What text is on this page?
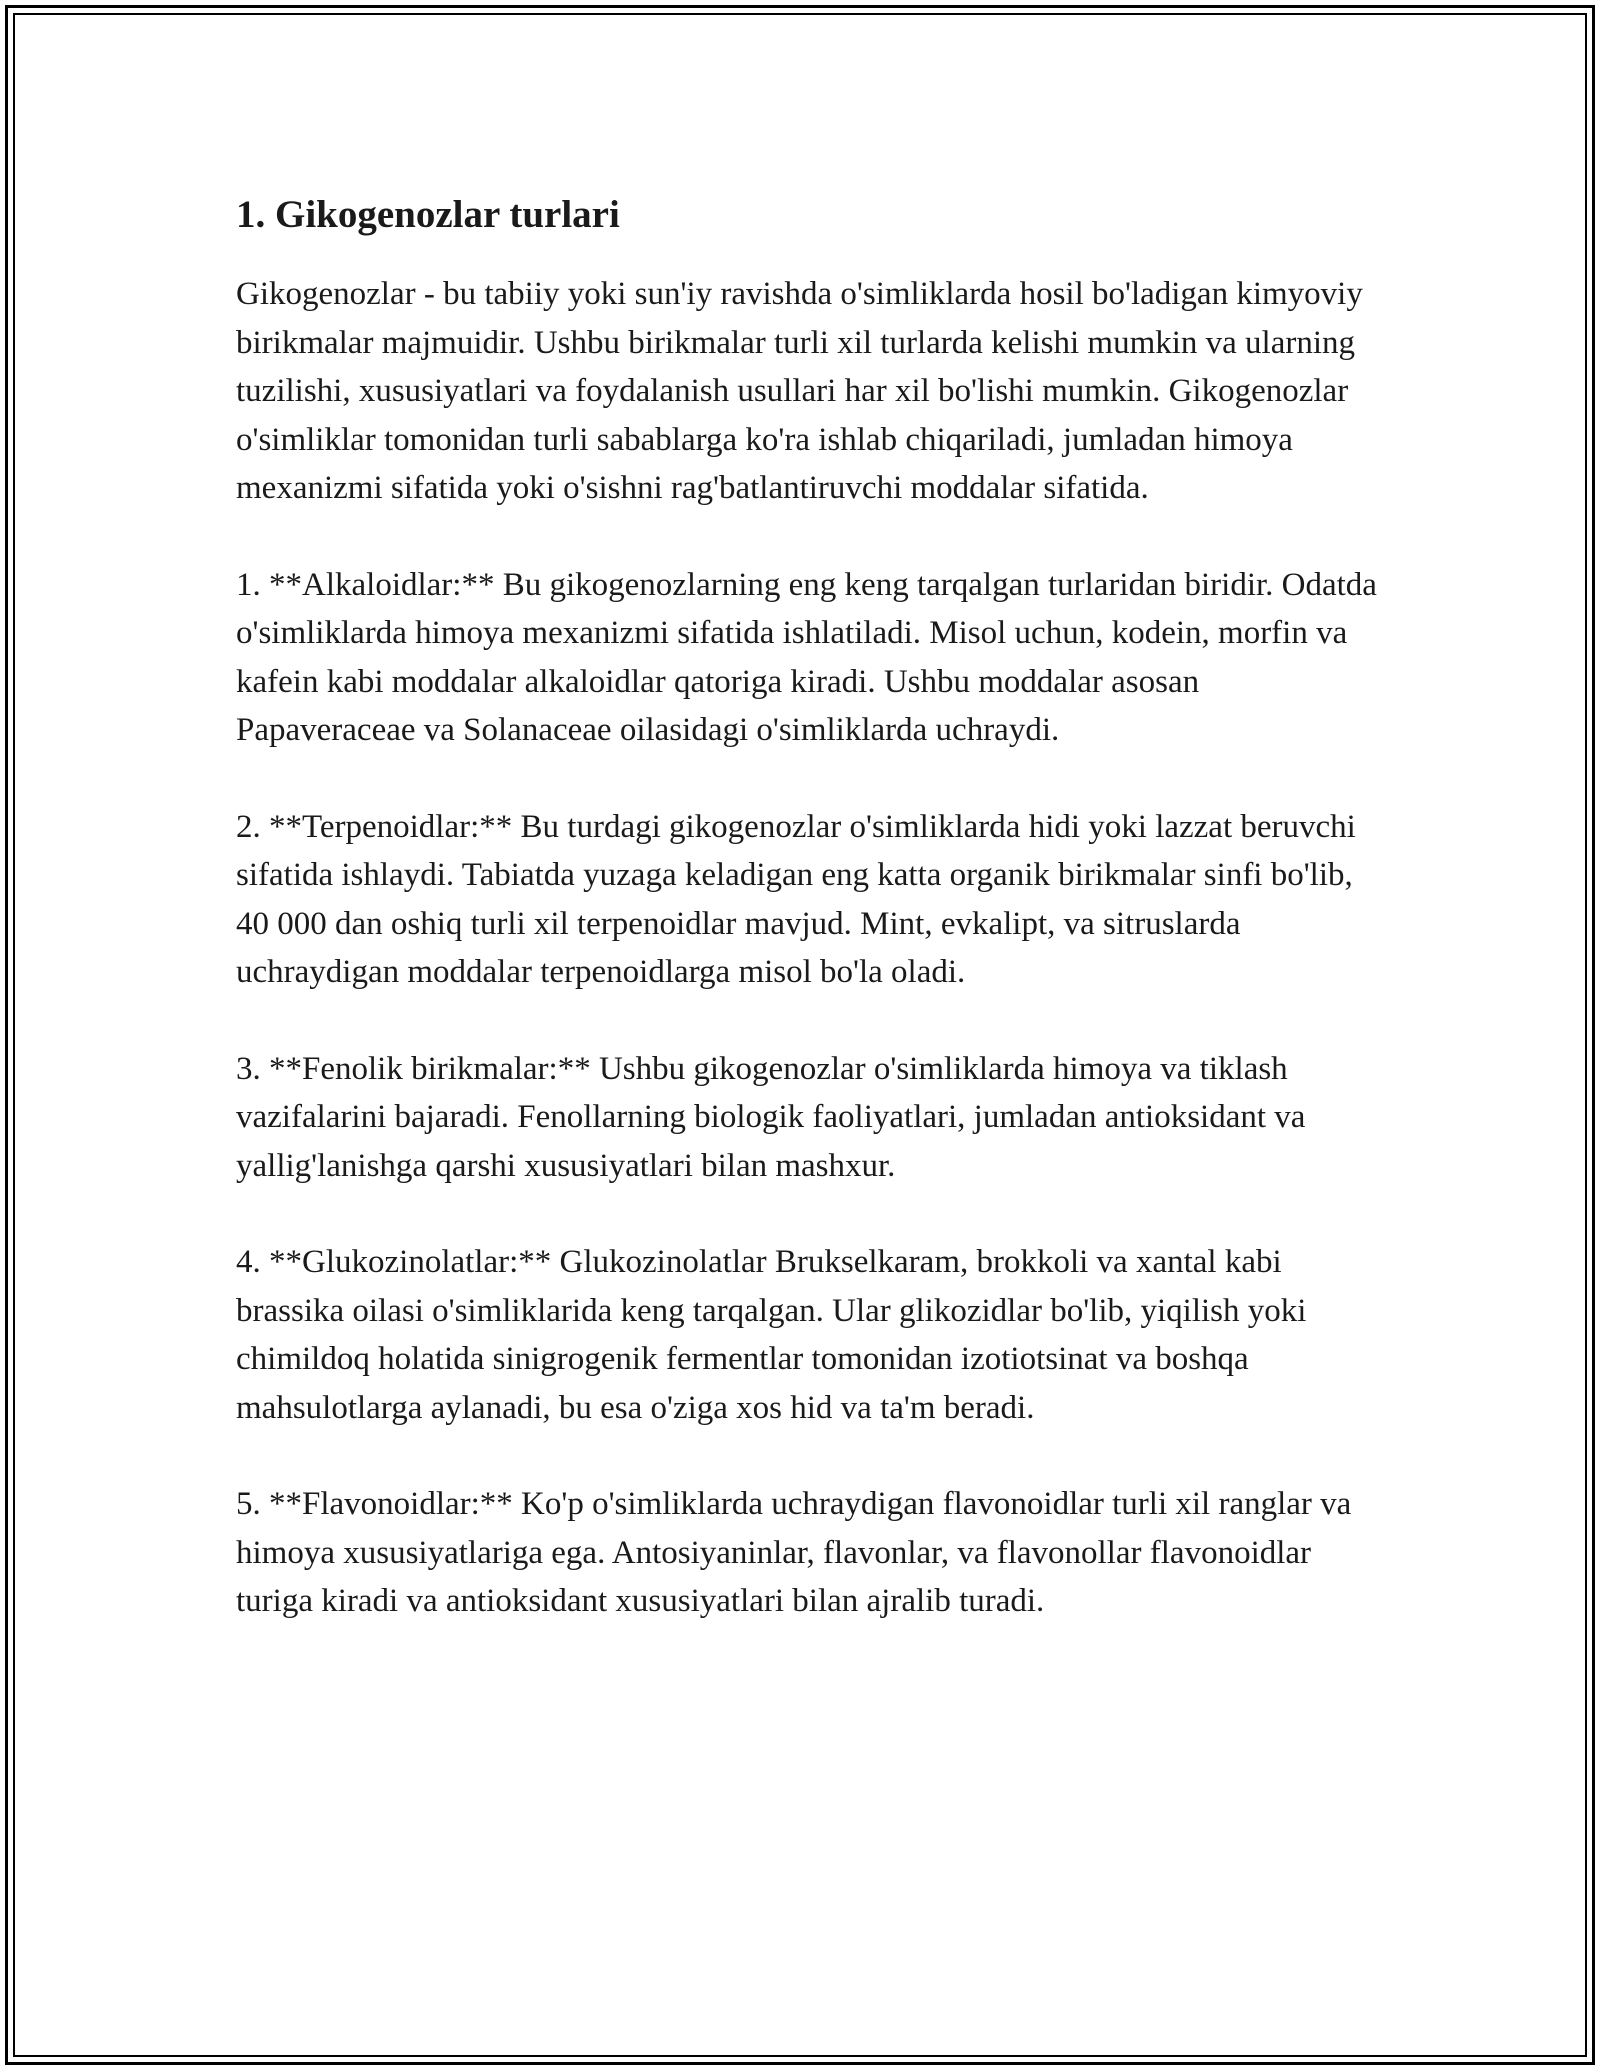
1. Gikogenozlar turlari

Gikogenozlar - bu tabiiy yoki sun'iy ravishda o'simliklarda hosil bo'ladigan kimyoviy birikmalar majmuidir. Ushbu birikmalar turli xil turlarda kelishi mumkin va ularning tuzilishi, xususiyatlari va foydalanish usullari har xil bo'lishi mumkin. Gikogenozlar o'simliklar tomonidan turli sabablarga ko'ra ishlab chiqariladi, jumladan himoya mexanizmi sifatida yoki o'sishni rag'batlantiruvchi moddalar sifatida.

1. **Alkaloidlar:** Bu gikogenozlarning eng keng tarqalgan turlaridan biridir. Odatda o'simliklarda himoya mexanizmi sifatida ishlatiladi. Misol uchun, kodein, morfin va kafein kabi moddalar alkaloidlar qatoriga kiradi. Ushbu moddalar asosan Papaveraceae va Solanaceae oilasidagi o'simliklarda uchraydi.

2. **Terpenoidlar:** Bu turdagi gikogenozlar o'simliklarda hidi yoki lazzat beruvchi sifatida ishlaydi. Tabiatda yuzaga keladigan eng katta organik birikmalar sinfi bo'lib, 40 000 dan oshiq turli xil terpenoidlar mavjud. Mint, evkalipt, va sitruslarda uchraydigan moddalar terpenoidlarga misol bo'la oladi.

3. **Fenolik birikmalar:** Ushbu gikogenozlar o'simliklarda himoya va tiklash vazifalarini bajaradi. Fenollarning biologik faoliyatlari, jumladan antioksidant va yallig'lanishga qarshi xususiyatlari bilan mashxur.

4. **Glukozinolatlar:** Glukozinolatlar Brukselkaram, brokkoli va xantal kabi brassika oilasi o'simliklarida keng tarqalgan. Ular glikozidlar bo'lib, yiqilish yoki chimildoq holatida sinigrogenik fermentlar tomonidan izotiotsinat va boshqa mahsulotlarga aylanadi, bu esa o'ziga xos hid va ta'm beradi.

5. **Flavonoidlar:** Ko'p o'simliklarda uchraydigan flavonoidlar turli xil ranglar va himoya xususiyatlariga ega. Antosiyaninlar, flavonlar, va flavonollar flavonoidlar turiga kiradi va antioksidant xususiyatlari bilan ajralib turadi.
